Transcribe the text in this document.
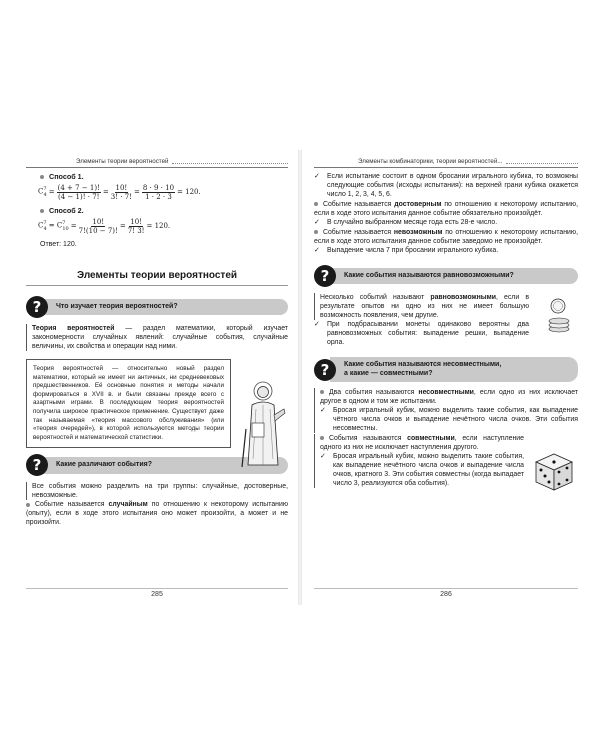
Элементы теории вероятностей
Способ 1.
$C^7_4 = \frac{(4 + 7 - 1)!}{(4 - 1)! \cdot 7!} = \frac{10!}{3! \cdot 7!} = \frac{8 \cdot 9 \cdot 10}{1 \cdot 2 \cdot 3} = 120$.
Способ 2.
$C^7_4 = C^7_{10} = \frac{10!}{7!(10 - 7)!} = \frac{10!}{7! 3!} = 120$.
Ответ: 120.
Элементы теории вероятностей
?	Что изучает теория вероятностей?
Теория вероятностей — раздел математики, который изучает закономерности случайных явлений: случайные события, случайные величины, их свойства и операции над ними.
Теория вероятностей — относительно новый раздел математики, который не имеет ни античных, ни средневековых предшественников. Её основные понятия и методы начали формироваться в XVII в. и были связаны прежде всего с азартными играми. В последующем теория вероятностей получила широкое практическое применение. Существует даже так называемая «теория массового обслуживания» (или «теория очередей»), в которой используются методы теории вероятностей и математической статистики.
?	Какие различают события?
Все события можно разделить на три группы: случайные, достоверные, невозможные.
Событие называется случайным по отношению к некоторому испытанию (опыту), если в ходе этого испытания оно может произойти, а может и не произойти.
285
Элементы комбинаторики, теории вероятностей...
✓	Если испытание состоит в одном бросании игрального кубика, то возможны следующие события (исходы испытания): на верхней грани кубика окажется число 1, 2, 3, 4, 5, 6.
Событие называется достоверным по отношению к некоторому испытанию, если в ходе этого испытания данное событие обязательно произойдёт.
✓	В случайно выбранном месяце года есть 28-е число.
Событие называется невозможным по отношению к некоторому испытанию, если в ходе этого испытания данное событие заведомо не произойдёт.
✓	Выпадение числа 7 при бросании игрального кубика.
?	Какие события называются равновозможными?
Несколько событий называют равновозможными, если в результате опытов ни одно из них не имеет большую возможность появления, чем другие.
✓	При подбрасывании монеты одинаково вероятны два равновозможных события: выпадение решки, выпадение орла.
?	Какие события называются несовместными,
а какие — совместными?
Два события называются несовместными, если одно из них исключает другое в одном и том же испытании.
✓	Бросая игральный кубик, можно выделить такие события, как выпадение чётного числа очков и выпадение нечётного числа очков. Эти события несовместны.
События называются совместными, если наступление одного из них не исключает наступления другого.
✓	Бросая игральный кубик, можно выделить такие события, как выпадение нечётного числа очков и выпадение числа очков, кратного 3. Эти события совместны (когда выпадает число 3, реализуются оба события).
286
